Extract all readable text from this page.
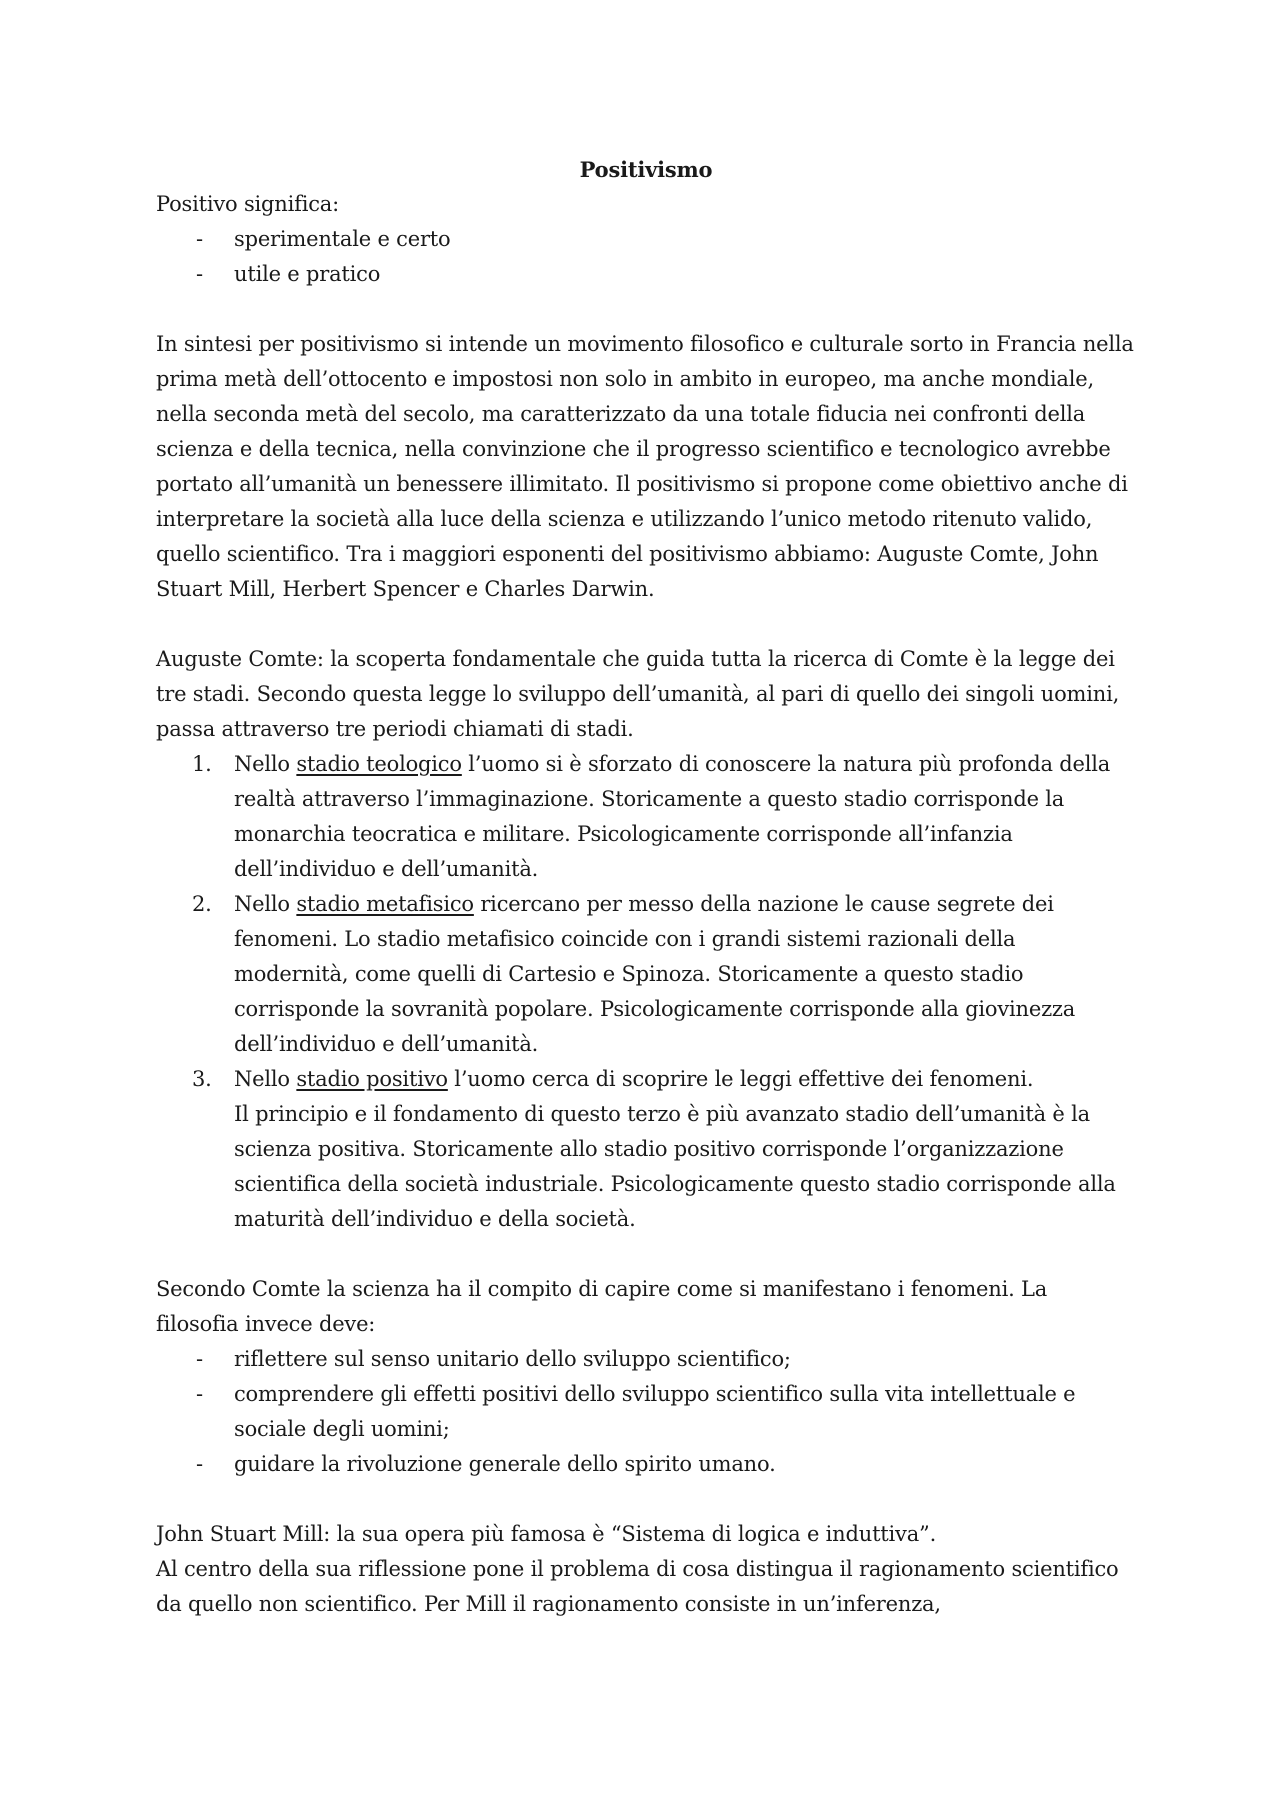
Positivismo

Positivo significa:

- sperimentale e certo
- utile e pratico

In sintesi per positivismo si intende un movimento filosofico e culturale sorto in Francia nella prima metà dell’ottocento e impostosi non solo in ambito in europeo, ma anche mondiale, nella seconda metà del secolo, ma caratterizzato da una totale fiducia nei confronti della scienza e della tecnica, nella convinzione che il progresso scientifico e tecnologico avrebbe portato all’umanità un benessere illimitato. Il positivismo si propone come obiettivo anche di interpretare la società alla luce della scienza e utilizzando l’unico metodo ritenuto valido, quello scientifico. Tra i maggiori esponenti del positivismo abbiamo: Auguste Comte, John Stuart Mill, Herbert Spencer e Charles Darwin.

Auguste Comte: la scoperta fondamentale che guida tutta la ricerca di Comte è la legge dei tre stadi. Secondo questa legge lo sviluppo dell’umanità, al pari di quello dei singoli uomini, passa attraverso tre periodi chiamati di stadi.

1. Nello stadio teologico l’uomo si è sforzato di conoscere la natura più profonda della realtà attraverso l’immaginazione. Storicamente a questo stadio corrisponde la monarchia teocratica e militare. Psicologicamente corrisponde all’infanzia dell’individuo e dell’umanità.
2. Nello stadio metafisico ricercano per messo della nazione le cause segrete dei fenomeni. Lo stadio metafisico coincide con i grandi sistemi razionali della modernità, come quelli di Cartesio e Spinoza. Storicamente a questo stadio corrisponde la sovranità popolare. Psicologicamente corrisponde alla giovinezza dell’individuo e dell’umanità.
3. Nello stadio positivo l’uomo cerca di scoprire le leggi effettive dei fenomeni.
Il principio e il fondamento di questo terzo è più avanzato stadio dell’umanità è la scienza positiva. Storicamente allo stadio positivo corrisponde l’organizzazione scientifica della società industriale. Psicologicamente questo stadio corrisponde alla maturità dell’individuo e della società.

Secondo Comte la scienza ha il compito di capire come si manifestano i fenomeni. La filosofia invece deve:

- riflettere sul senso unitario dello sviluppo scientifico;
- comprendere gli effetti positivi dello sviluppo scientifico sulla vita intellettuale e sociale degli uomini;
- guidare la rivoluzione generale dello spirito umano.

John Stuart Mill: la sua opera più famosa è “Sistema di logica e induttiva”.

Al centro della sua riflessione pone il problema di cosa distingua il ragionamento scientifico da quello non scientifico. Per Mill il ragionamento consiste in un’inferenza,
